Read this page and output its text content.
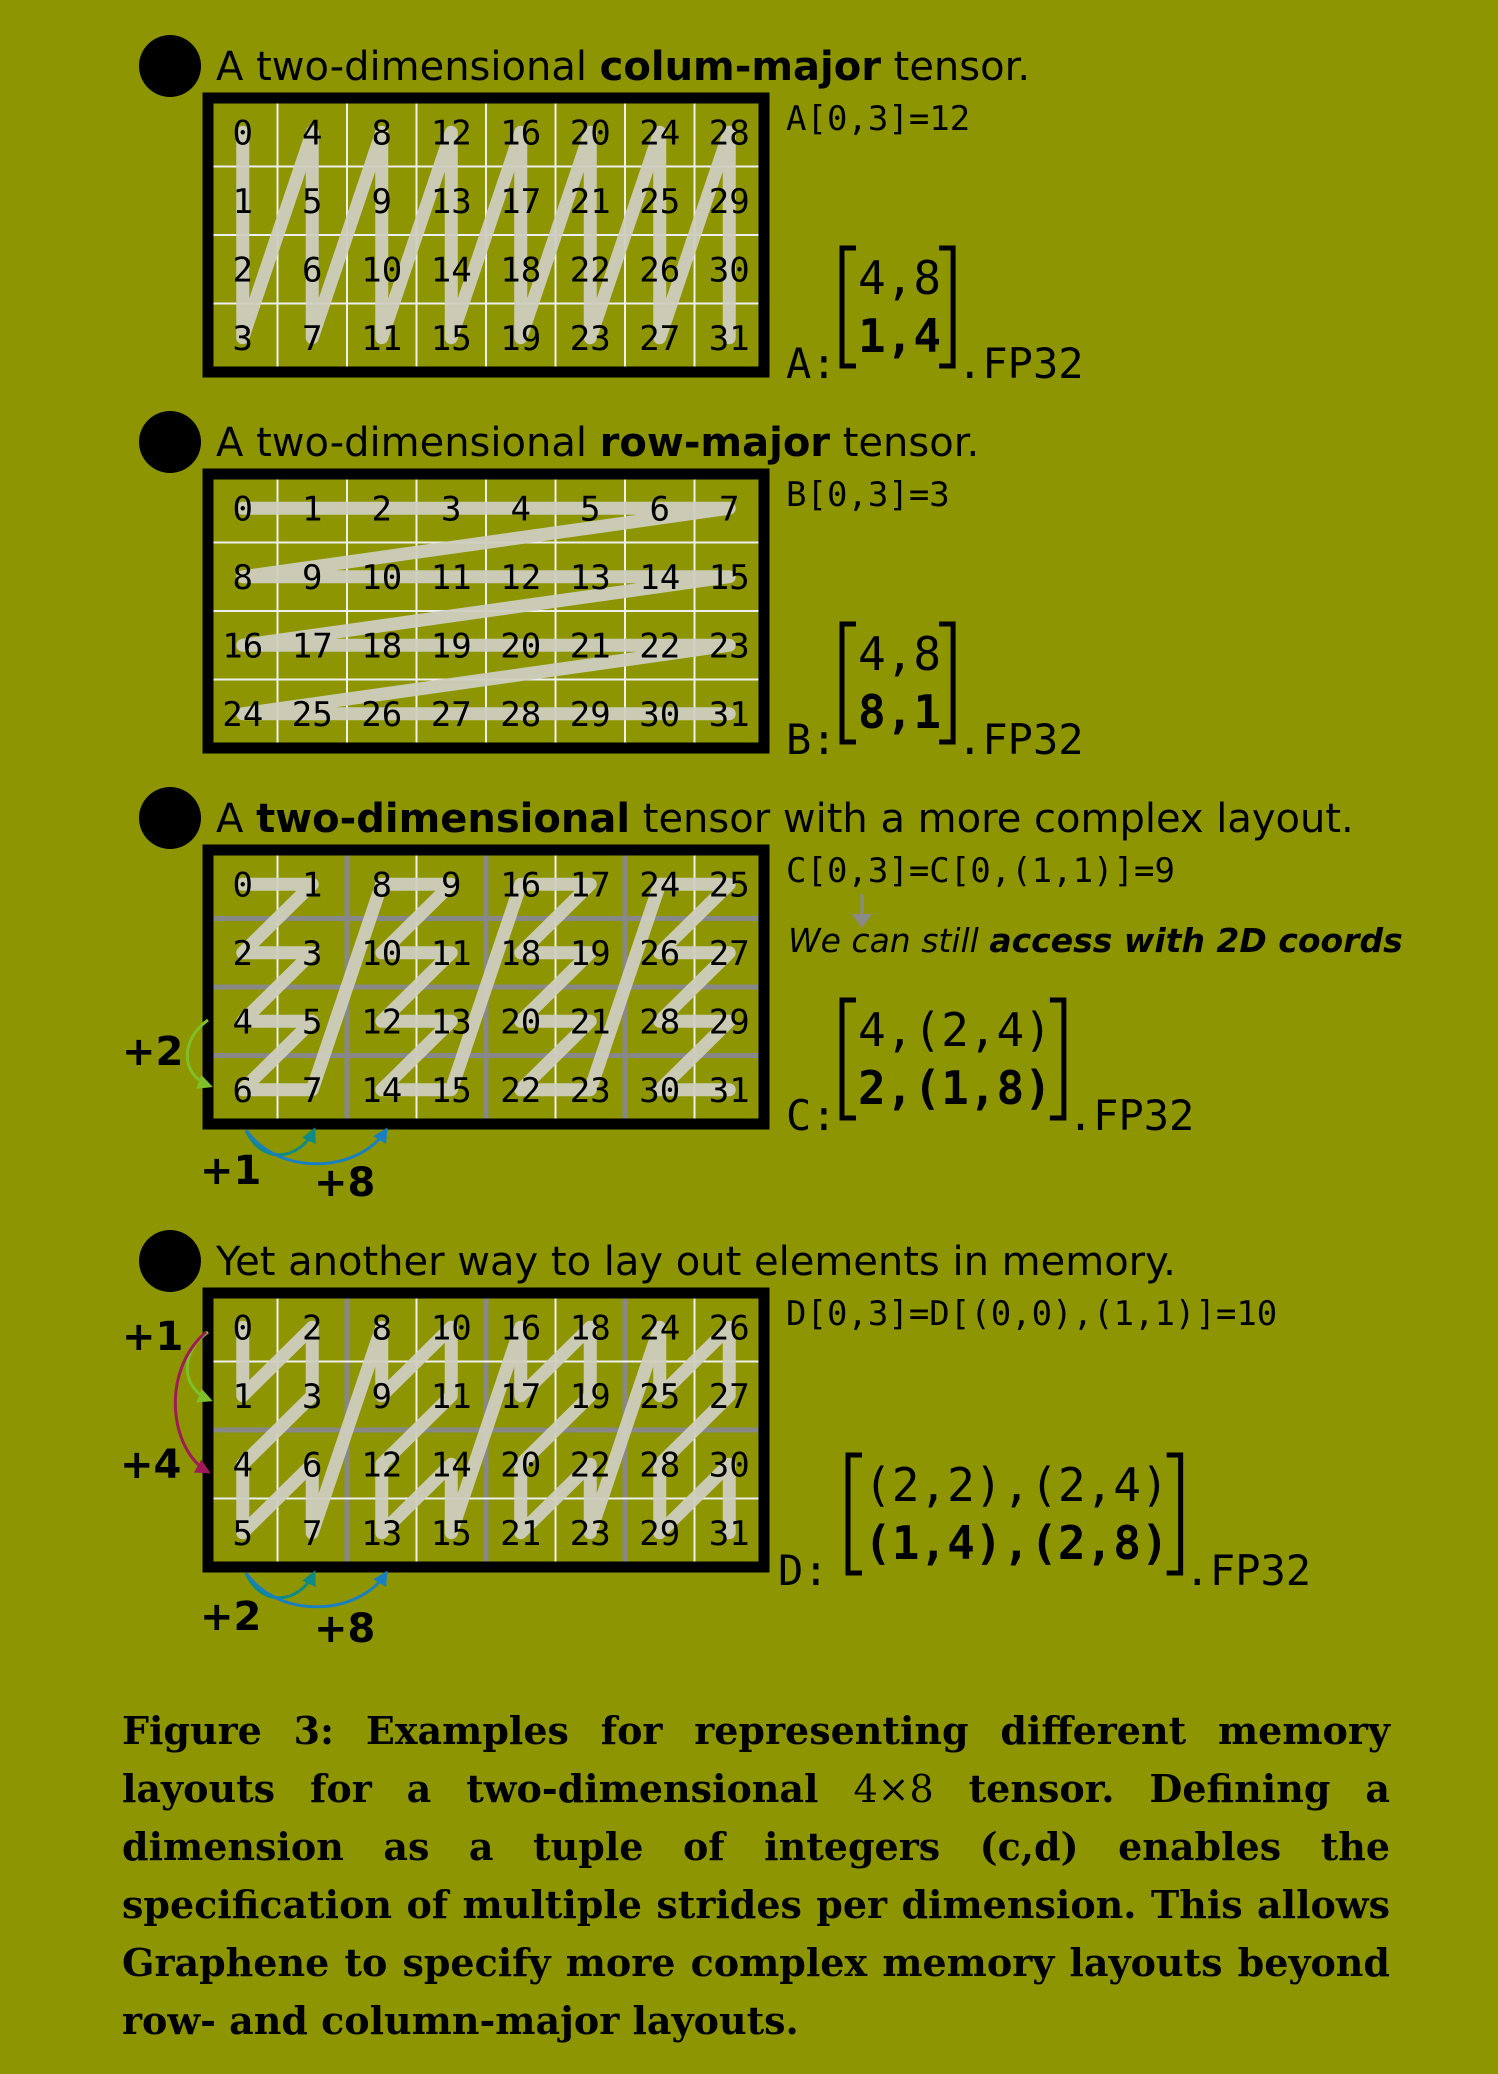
A two-dimensional colum-major tensor.
0 4 8 12 16 20 24 28
1 5 9 13 17 21 25 29
2 6 10 14 18 22 26 30
3 7 11 15 19 23 27 31
A[0,3]=12
A:
4,8
1,4
.FP32
A two-dimensional row-major tensor.
0 1 2 3 4 5 6 7
8 9 10 11 12 13 14 15
16 17 18 19 20 21 22 23
24 25 26 27 28 29 30 31
B[0,3]=3
B:
4,8
8,1
.FP32
A two-dimensional tensor with a more complex layout.
0 1 8 9 16 17 24 25
2 3 10 11 18 19 26 27
4 5 12 13 20 21 28 29
6 7 14 15 22 23 30 31
C[0,3]=C[0,(1,1)]=9
We can still access with 2D coords
C:
4,(2,4)
2,(1,8)
.FP32
+2
+1 +8
Yet another way to lay out elements in memory.
0 2 8 10 16 18 24 26
1 3 9 11 17 19 25 27
4 6 12 14 20 22 28 30
5 7 13 15 21 23 29 31
D[0,3]=D[(0,0),(1,1)]=10
D:
(2,2),(2,4)
(1,4),(2,8)
.FP32
+1
+4
+2 +8
Figure 3: Examples for representing different memory layouts for a two-dimensional 4×8 tensor. Defining a dimension as a tuple of integers (c,d) enables the specification of multiple strides per dimension. This allows Graphene to specify more complex memory layouts beyond row- and column-major layouts.
